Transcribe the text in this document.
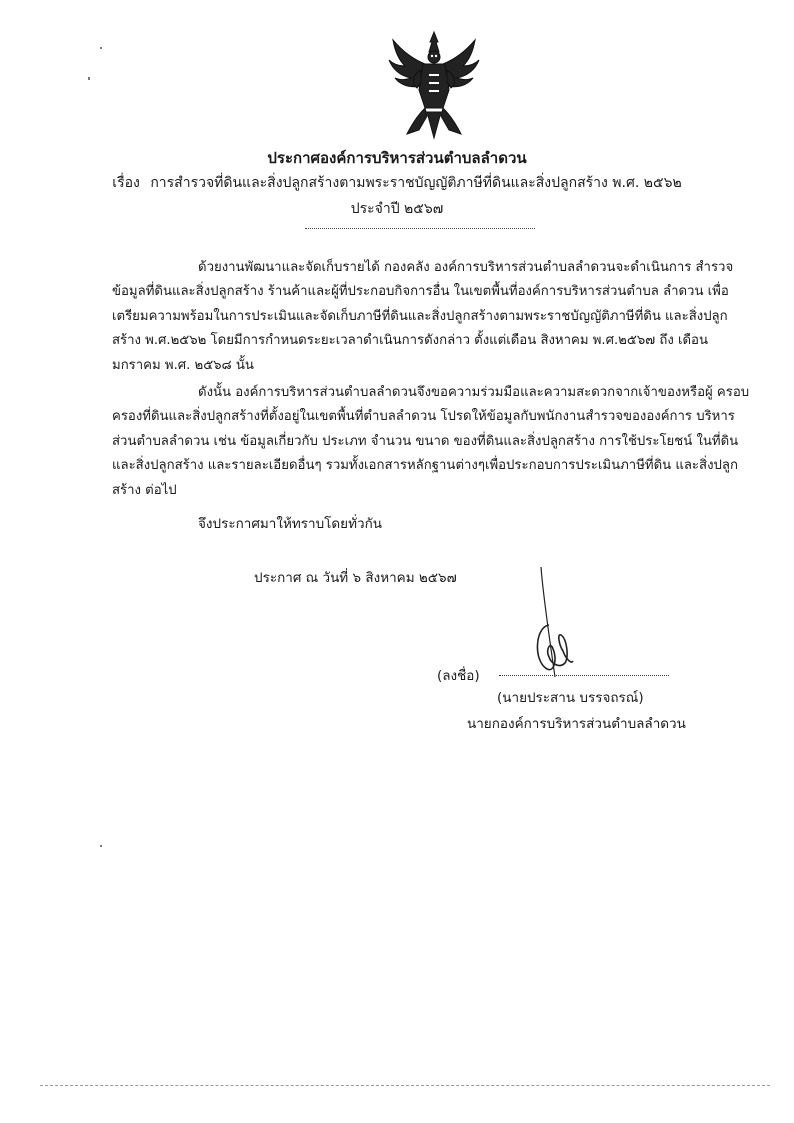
ประกาศองค์การบริหารส่วนตำบลลำดวน
เรื่อง การสำรวจที่ดินและสิ่งปลูกสร้างตามพระราชบัญญัติภาษีที่ดินและสิ่งปลูกสร้าง พ.ศ. ๒๕๖๒
ประจำปี ๒๕๖๗
ด้วยงานพัฒนาและจัดเก็บรายได้ กองคลัง องค์การบริหารส่วนตำบลลำดวนจะดำเนินการ สำรวจข้อมูลที่ดินและสิ่งปลูกสร้าง ร้านค้าและผู้ที่ประกอบกิจการอื่น ในเขตพื้นที่องค์การบริหารส่วนตำบล ลำดวน เพื่อเตรียมความพร้อมในการประเมินและจัดเก็บภาษีที่ดินและสิ่งปลูกสร้างตามพระราชบัญญัติภาษีที่ดิน และสิ่งปลูกสร้าง พ.ศ.๒๕๖๒ โดยมีการกำหนดระยะเวลาดำเนินการดังกล่าว ตั้งแต่เดือน สิงหาคม พ.ศ.๒๕๖๗ ถึง เดือน มกราคม พ.ศ. ๒๕๖๘ นั้น
ดังนั้น องค์การบริหารส่วนตำบลลำดวนจึงขอความร่วมมือและความสะดวกจากเจ้าของหรือผู้ ครอบครองที่ดินและสิ่งปลูกสร้างที่ตั้งอยู่ในเขตพื้นที่ตำบลลำดวน โปรดให้ข้อมูลกับพนักงานสำรวจขององค์การ บริหารส่วนตำบลลำดวน เช่น ข้อมูลเกี่ยวกับ ประเภท จำนวน ขนาด ของที่ดินและสิ่งปลูกสร้าง การใช้ประโยชน์ ในที่ดินและสิ่งปลูกสร้าง และรายละเอียดอื่นๆ รวมทั้งเอกสารหลักฐานต่างๆเพื่อประกอบการประเมินภาษีที่ดิน และสิ่งปลูกสร้าง ต่อไป
จึงประกาศมาให้ทราบโดยทั่วกัน
ประกาศ ณ วันที่ ๖ สิงหาคม ๒๕๖๗
(ลงชื่อ)
(นายประสาน บรรจถรณ์)
นายกองค์การบริหารส่วนตำบลลำดวน
